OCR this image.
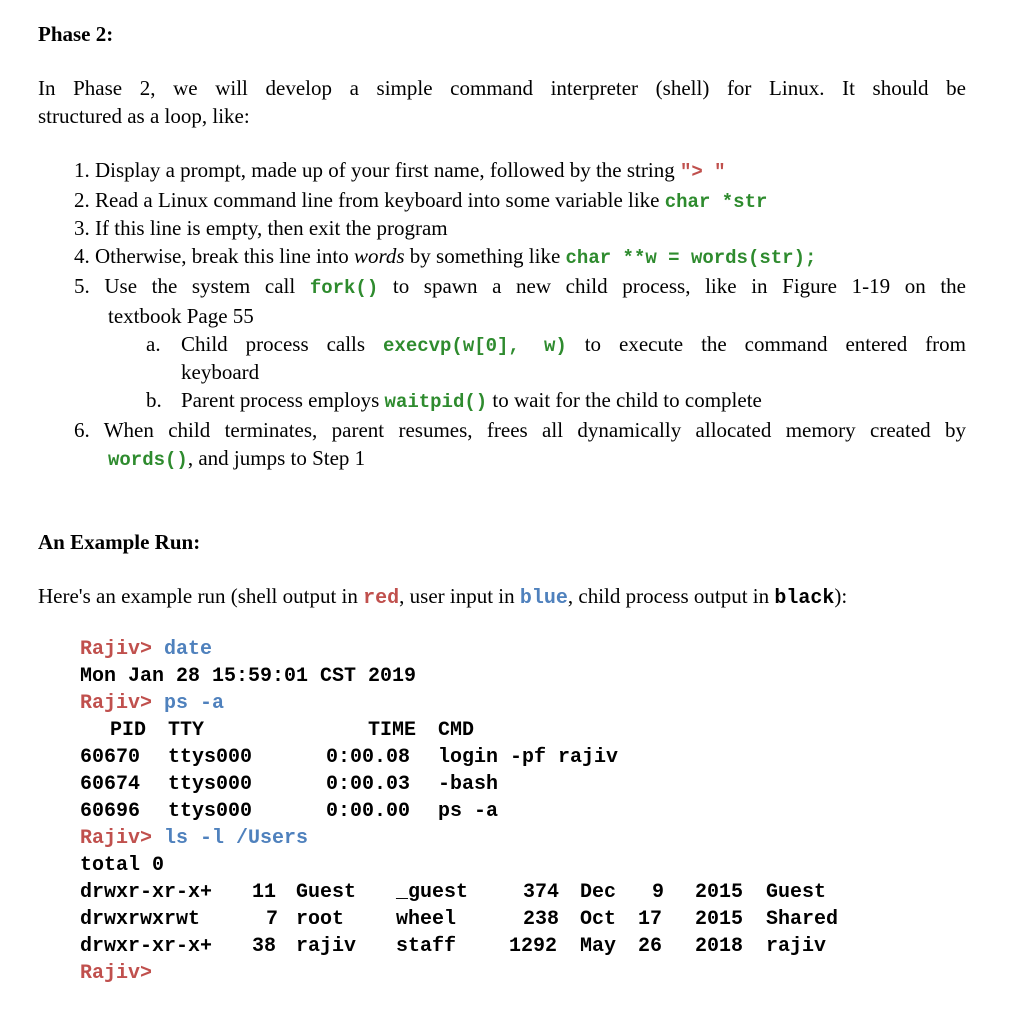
Phase 2:
In Phase 2, we will develop a simple command interpreter (shell) for Linux. It should be
structured as a loop, like:
1. Display a prompt, made up of your first name, followed by the string "> "
2. Read a Linux command line from keyboard into some variable like char *str
3. If this line is empty, then exit the program
4. Otherwise, break this line into words by something like char **w = words(str);
5. Use the system call fork() to spawn a new child process, like in Figure 1-19 on the
textbook Page 55
a. Child process calls execvp(w[0], w) to execute the command entered from
keyboard
b. Parent process employs waitpid() to wait for the child to complete
6. When child terminates, parent resumes, frees all dynamically allocated memory created by
words(), and jumps to Step 1
An Example Run:
Here's an example run (shell output in red, user input in blue, child process output in black):
Rajiv> date
Mon Jan 28 15:59:01 CST 2019
Rajiv> ps -a
PID TTY	TIME CMD
60670 ttys000	0:00.08 login -pf rajiv
60674 ttys000	0:00.03 -bash
60696 ttys000	0:00.00 ps -a
Rajiv> ls -l /Users
total 0
drwxr-xr-x+ 11 Guest _guest	374 Dec 9 2015 Guest
drwxrwxrwt	7 root	wheel	238 Oct 17 2015 Shared
drwxr-xr-x+ 38 rajiv staff	1292 May 26 2018 rajiv
Rajiv>
